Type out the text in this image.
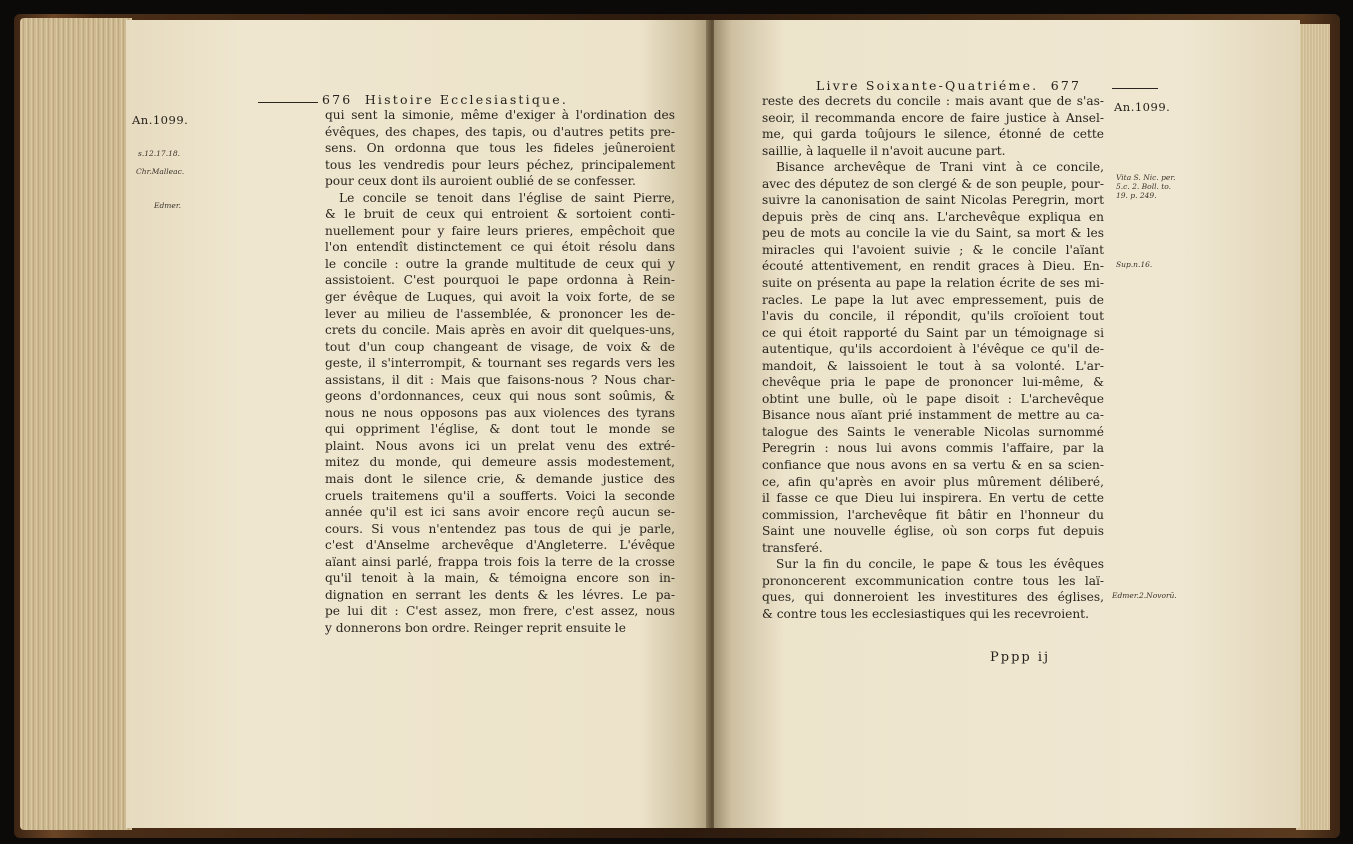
676 Histoire Ecclesiastique.
An.1099.
s.12.17.18.
Chr.Malleac.
Edmer.
qui sent la simonie, même d'exiger à l'ordination des
évêques, des chapes, des tapis, ou d'autres petits pre-
sens. On ordonna que tous les fideles jeûneroient
tous les vendredis pour leurs péchez, principalement
pour ceux dont ils auroient oublié de se confesser.
Le concile se tenoit dans l'église de saint Pierre,
& le bruit de ceux qui entroient & sortoient conti-
nuellement pour y faire leurs prieres, empêchoit que
l'on entendît distinctement ce qui étoit résolu dans
le concile : outre la grande multitude de ceux qui y
assistoient. C'est pourquoi le pape ordonna à Rein-
ger évêque de Luques, qui avoit la voix forte, de se
lever au milieu de l'assemblée, & prononcer les de-
crets du concile. Mais après en avoir dit quelques-uns,
tout d'un coup changeant de visage, de voix & de
geste, il s'interrompit, & tournant ses regards vers les
assistans, il dit : Mais que faisons-nous ? Nous char-
geons d'ordonnances, ceux qui nous sont soûmis, &
nous ne nous opposons pas aux violences des tyrans
qui oppriment l'église, & dont tout le monde se
plaint. Nous avons ici un prelat venu des extré-
mitez du monde, qui demeure assis modestement,
mais dont le silence crie, & demande justice des
cruels traitemens qu'il a soufferts. Voici la seconde
année qu'il est ici sans avoir encore reçû aucun se-
cours. Si vous n'entendez pas tous de qui je parle,
c'est d'Anselme archevêque d'Angleterre. L'évêque
aïant ainsi parlé, frappa trois fois la terre de la crosse
qu'il tenoit à la main, & témoigna encore son in-
dignation en serrant les dents & les lévres. Le pa-
pe lui dit : C'est assez, mon frere, c'est assez, nous
y donnerons bon ordre. Reinger reprit ensuite le
Livre Soixante-Quatriéme. 677
An.1099.
Vita S. Nic. per.
5.c. 2. Boll. to.
19. p. 249.
Sup.n.16.
Edmer.2.Novorū.
reste des decrets du concile : mais avant que de s'as-
seoir, il recommanda encore de faire justice à Ansel-
me, qui garda toûjours le silence, étonné de cette
saillie, à laquelle il n'avoit aucune part.
Bisance archevêque de Trani vint à ce concile,
avec des députez de son clergé & de son peuple, pour-
suivre la canonisation de saint Nicolas Peregrin, mort
depuis près de cinq ans. L'archevêque expliqua en
peu de mots au concile la vie du Saint, sa mort & les
miracles qui l'avoient suivie ; & le concile l'aïant
écouté attentivement, en rendit graces à Dieu. En-
suite on présenta au pape la relation écrite de ses mi-
racles. Le pape la lut avec empressement, puis de
l'avis du concile, il répondit, qu'ils croïoient tout
ce qui étoit rapporté du Saint par un témoignage si
autentique, qu'ils accordoient à l'évêque ce qu'il de-
mandoit, & laissoient le tout à sa volonté. L'ar-
chevêque pria le pape de prononcer lui-même, &
obtint une bulle, où le pape disoit : L'archevêque
Bisance nous aïant prié instamment de mettre au ca-
talogue des Saints le venerable Nicolas surnommé
Peregrin : nous lui avons commis l'affaire, par la
confiance que nous avons en sa vertu & en sa scien-
ce, afin qu'après en avoir plus mûrement déliberé,
il fasse ce que Dieu lui inspirera. En vertu de cette
commission, l'archevêque fit bâtir en l'honneur du
Saint une nouvelle église, où son corps fut depuis
transferé.
Sur la fin du concile, le pape & tous les évêques
prononcerent excommunication contre tous les laï-
ques, qui donneroient les investitures des églises,
& contre tous les ecclesiastiques qui les recevroient.
Pppp ij
